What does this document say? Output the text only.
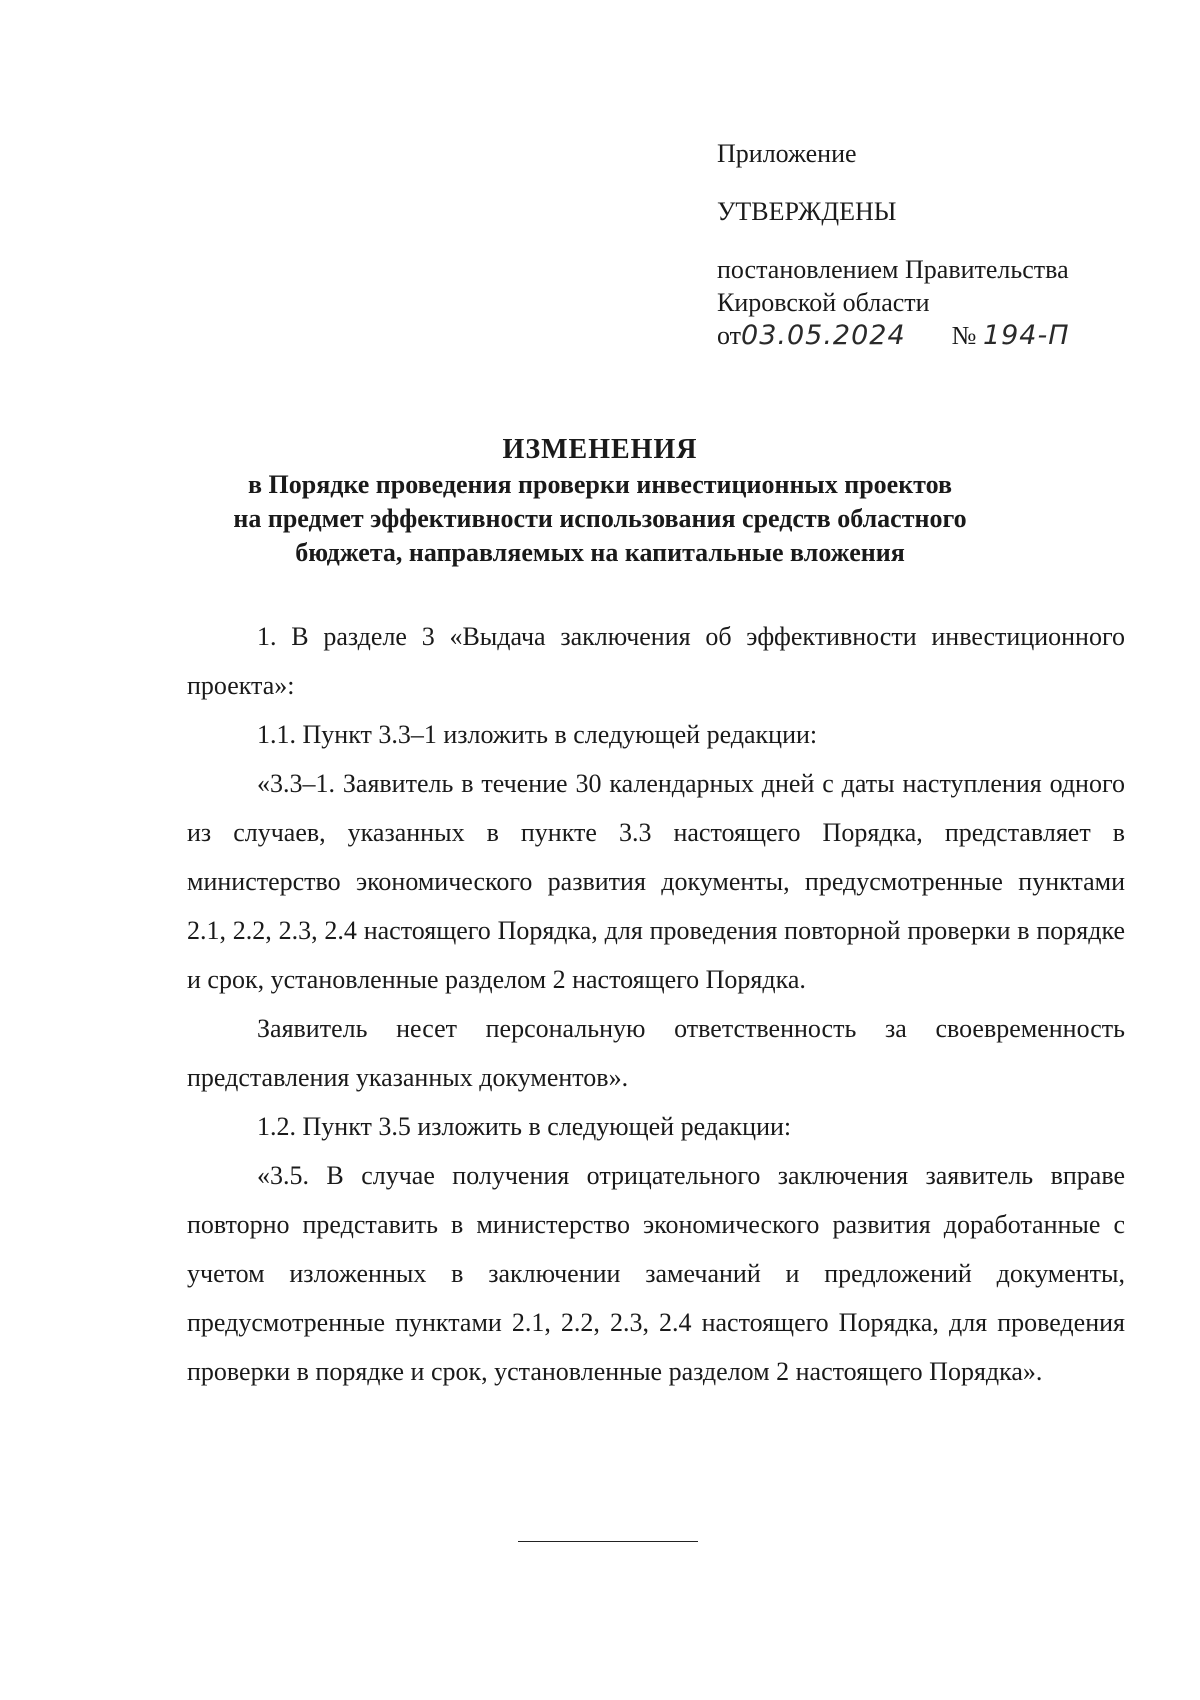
Приложение
УТВЕРЖДЕНЫ
постановлением Правительства
Кировской области
от03.05.2024 № 194-П
ИЗМЕНЕНИЯ
в Порядке проведения проверки инвестиционных проектов
на предмет эффективности использования средств областного
бюджета, направляемых на капитальные вложения

1. В разделе 3 «Выдача заключения об эффективности инвестиционного проекта»:

1.1. Пункт 3.3–1 изложить в следующей редакции:

«3.3–1. Заявитель в течение 30 календарных дней с даты наступления одного из случаев, указанных в пункте 3.3 настоящего Порядка, представляет в министерство экономического развития документы, предусмотренные пунктами 2.1, 2.2, 2.3, 2.4 настоящего Порядка, для проведения повторной проверки в порядке и срок, установленные разделом 2 настоящего Порядка.

Заявитель несет персональную ответственность за своевременность представления указанных документов».

1.2. Пункт 3.5 изложить в следующей редакции:

«3.5. В случае получения отрицательного заключения заявитель вправе повторно представить в министерство экономического развития доработанные с учетом изложенных в заключении замечаний и предложений документы, предусмотренные пунктами 2.1, 2.2, 2.3, 2.4 настоящего Порядка, для проведения проверки в порядке и срок, установленные разделом 2 настоящего Порядка».
